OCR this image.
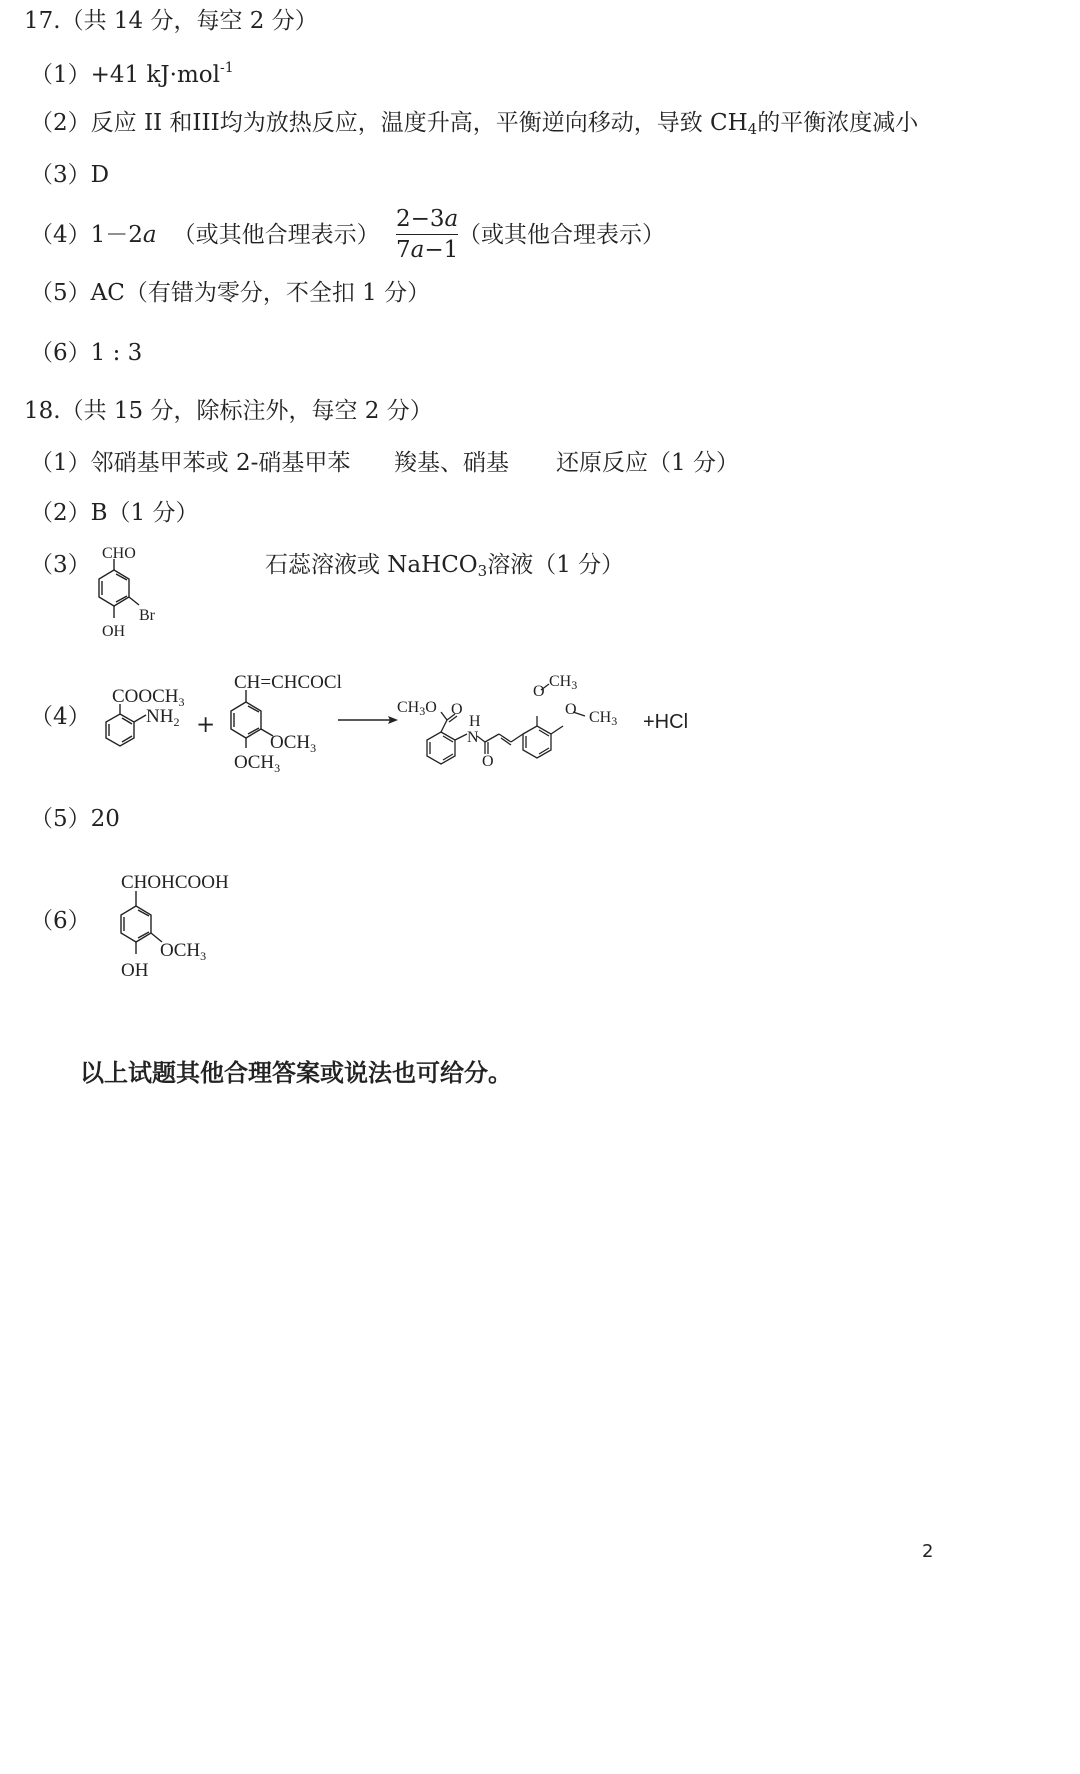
17.（共 14 分，每空 2 分）
（1）+41 kJ·mol$^{-1}$
（2）反应 II 和III均为放热反应，温度升高，平衡逆向移动，导致 $CH_4$的平衡浓度减小
（3）D
（4）1－2a （或其他合理表示） $\frac{2-3a}{7a-1}$ （或其他合理表示）
（5）AC（有错为零分，不全扣 1 分）
（6）1 : 3
18.（共 15 分，除标注外，每空 2 分）
（1）邻硝基甲苯或 2-硝基甲苯 羧基、硝基 还原反应（1 分）
（2）B（1 分）
（3） CHO
Br
OH
石蕊溶液或 NaHCO$_3$溶液（1 分）
（4）
$COOCH_3$
$NH_2$ +
CH=CHCOCl
$OCH_3$
$OCH_3$
CH3O O
H
N
O
O
CH3
O CH3 +HCl
（5）20
（6）
CHOHCOOH
$OCH_3$
OH
以上试题其他合理答案或说法也可给分。
2
